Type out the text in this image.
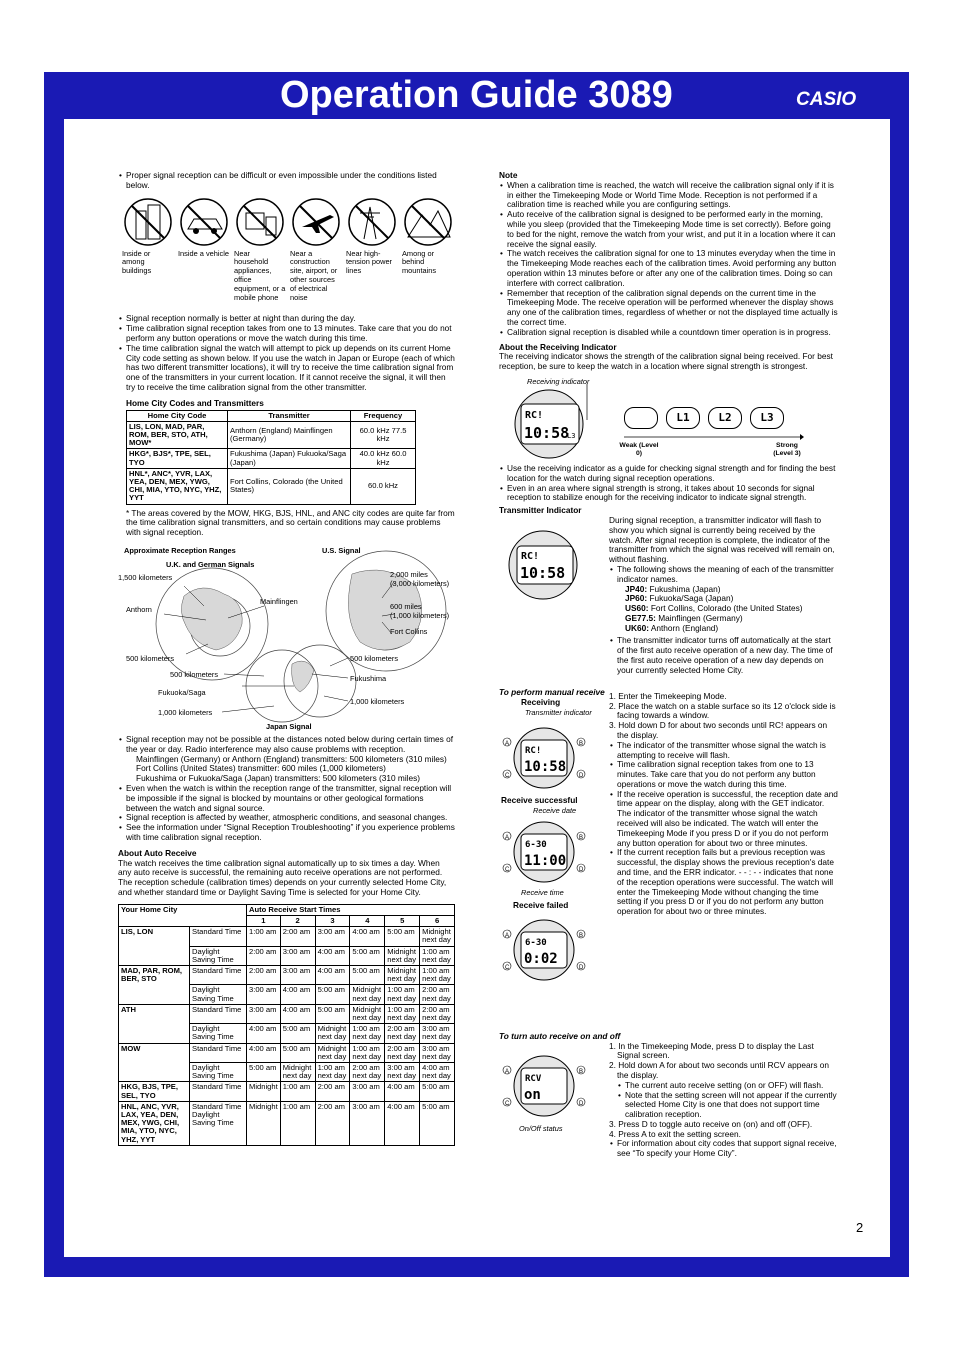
Operation Guide 3089	CASIO
2
• Proper signal reception can be difficult or even impossible under the conditions listed below.
Inside or among buildings
Inside a vehicle Near household appliances, office equipment, or a mobile phone
Near a construction site, airport, or other sources of electrical noise
Near high-tension power lines
Among or behind mountains
• Signal reception normally is better at night than during the day.
• Time calibration signal reception takes from one to 13 minutes. Take care that you do not perform any button operations or move the watch during this time.
• The time calibration signal the watch will attempt to pick up depends on its current Home City code setting as shown below. If you use the watch in Japan or Europe (each of which has two different transmitter locations), it will try to receive the time calibration signal from one of the transmitters in your current location. If it cannot receive the signal, it will then try to receive the time calibration signal from the other transmitter.
Home City Codes and Transmitters
Home City Code	Transmitter	Frequency
LIS, LON, MAD, PAR, ROM, BER, STO, ATH, MOW*	Anthorn (England) Mainflingen (Germany)	60.0 kHz 77.5 kHz
HKG*, BJS*, TPE, SEL, TYO	Fukushima (Japan) Fukuoka/Saga (Japan)	40.0 kHz 60.0 kHz
HNL*, ANC*, YVR, LAX, YEA, DEN, MEX, YWG, CHI, MIA, YTO, NYC, YHZ, YYT	Fort Collins, Colorado (the United States)	60.0 kHz

* The areas covered by the MOW, HKG, BJS, HNL, and ANC city codes are quite far from the time calibration signal transmitters, and so certain conditions may cause problems with signal reception.

Approximate Reception Ranges	U.S. Signal
U.K. and German Signals
1,500 kilometers
Anthorn
Mainflingen
500 kilometers
2,000 miles
(3,000 kilometers)
600 miles
(1,000 kilometers)
Fort Collins
500 kilometers
500 kilometers	Fukushima
Fukuoka/Saga
1,000 kilometers
1,000 kilometers
Japan Signal
• Signal reception may not be possible at the distances noted below during certain times of the year or day. Radio interference may also cause problems with reception.
Mainflingen (Germany) or Anthorn (England) transmitters: 500 kilometers (310 miles)
Fort Collins (United States) transmitter: 600 miles (1,000 kilometers)
Fukushima or Fukuoka/Saga (Japan) transmitters: 500 kilometers (310 miles)
• Even when the watch is within the reception range of the transmitter, signal reception will be impossible if the signal is blocked by mountains or other geological formations between the watch and signal source.
• Signal reception is affected by weather, atmospheric conditions, and seasonal changes.
• See the information under “Signal Reception Troubleshooting” if you experience problems with time calibration signal reception.
About Auto Receive

The watch receives the time calibration signal automatically up to six times a day. When any auto receive is successful, the remaining auto receive operations are not performed. The reception schedule (calibration times) depends on your currently selected Home City, and whether standard time or Daylight Saving Time is selected for your Home City.

Your Home City		Auto Receive Start Times					
		1	2	3	4	5	6
LIS, LON	Standard Time	1:00 am	2:00 am	3:00 am	4:00 am	5:00 am	Midnight next day
	Daylight Saving Time	2:00 am	3:00 am	4:00 am	5:00 am	Midnight next day	1:00 am next day
MAD, PAR, ROM, BER, STO	Standard Time	2:00 am	3:00 am	4:00 am	5:00 am	Midnight next day	1:00 am next day
	Daylight Saving Time	3:00 am	4:00 am	5:00 am	Midnight next day	1:00 am next day	2:00 am next day
ATH	Standard Time	3:00 am	4:00 am	5:00 am	Midnight next day	1:00 am next day	2:00 am next day
	Daylight Saving Time	4:00 am	5:00 am	Midnight next day	1:00 am next day	2:00 am next day	3:00 am next day
MOW	Standard Time	4:00 am	5:00 am	Midnight next day	1:00 am next day	2:00 am next day	3:00 am next day
	Daylight Saving Time	5:00 am	Midnight next day	1:00 am next day	2:00 am next day	3:00 am next day	4:00 am next day
HKG, BJS, TPE, SEL, TYO	Standard Time	Midnight	1:00 am	2:00 am	3:00 am	4:00 am	5:00 am
HNL, ANC, YVR, LAX, YEA, DEN, MEX, YWG, CHI, MIA, YTO, NYC, YHZ, YYT	Standard Time Daylight Saving Time	Midnight	1:00 am	2:00 am	3:00 am	4:00 am	5:00 am
Note
• When a calibration time is reached, the watch will receive the calibration signal only if it is in either the Timekeeping Mode or World Time Mode. Reception is not performed if a calibration time is reached while you are configuring settings.
• Auto receive of the calibration signal is designed to be performed early in the morning, while you sleep (provided that the Timekeeping Mode time is set correctly). Before going to bed for the night, remove the watch from your wrist, and put it in a location where it can receive the signal easily.
• The watch receives the calibration signal for one to 13 minutes everyday when the time in the Timekeeping Mode reaches each of the calibration times. Avoid performing any button operation within 13 minutes before or after any one of the calibration times. Doing so can interfere with correct calibration.
• Remember that reception of the calibration signal depends on the current time in the Timekeeping Mode. The receive operation will be performed whenever the display shows any one of the calibration times, regardless of whether or not the displayed time actually is the correct time.
• Calibration signal reception is disabled while a countdown timer operation is in progress.
About the Receiving Indicator

The receiving indicator shows the strength of the calibration signal being received. For best reception, be sure to keep the watch in a location where signal strength is strongest.

Receiving indicator
RC!
10:58
L3
L1	L2	L3
Weak (Level 0)
Strong (Level 3)
• Use the receiving indicator as a guide for checking signal strength and for finding the best location for the watch during signal reception operations.
• Even in an area where signal strength is strong, it takes about 10 seconds for signal reception to stabilize enough for the receiving indicator to indicate signal strength.
Transmitter Indicator
RC!
10:58

During signal reception, a transmitter indicator will flash to show you which signal is currently being received by the watch. After signal reception is complete, the indicator of the transmitter from which the signal was received will remain on, without flashing.

• The following shows the meaning of each of the transmitter indicator names.
JP40: Fukushima (Japan)
JP60: Fukuoka/Saga (Japan)
US60: Fort Collins, Colorado (the United States)
GE77.5: Mainflingen (Germany)
UK60: Anthorn (England)
• The transmitter indicator turns off automatically at the start of the first auto receive operation of a new day. The time of the first auto receive operation of a new day depends on your currently selected Home City.
To perform manual receive
Receiving
Transmitter indicator
RC!
10:58
A	B
C	D
Receive successful
Receive date
6-30
11:00
A	B
C	D
Receive time
Receive failed
6-30
0:02
A	B
C	D
1. Enter the Timekeeping Mode.
2. Place the watch on a stable surface so its 12 o'clock side is facing towards a window.
3. Hold down D for about two seconds until RC! appears on the display.
• The indicator of the transmitter whose signal the watch is attempting to receive will flash.
• Time calibration signal reception takes from one to 13 minutes. Take care that you do not perform any button operations or move the watch during this time.
• If the receive operation is successful, the reception date and time appear on the display, along with the GET indicator. The indicator of the transmitter whose signal the watch received will also be indicated. The watch will enter the Timekeeping Mode if you press D or if you do not perform any button operation for about two or three minutes.
• If the current reception fails but a previous reception was successful, the display shows the previous reception's date and time, and the ERR indicator. - - : - - indicates that none of the reception operations were successful. The watch will enter the Timekeeping Mode without changing the time setting if you press D or if you do not perform any button operation for about two or three minutes.
To turn auto receive on and off
RCV
on
A	B
C	D
On/Off status
1. In the Timekeeping Mode, press D to display the Last Signal screen.
2. Hold down A for about two seconds until RCV appears on the display.
• The current auto receive setting (on or OFF) will flash.
• Note that the setting screen will not appear if the currently selected Home City is one that does not support time calibration reception.
3. Press D to toggle auto receive on (on) and off (OFF).
4. Press A to exit the setting screen.
• For information about city codes that support signal receive, see “To specify your Home City”.
